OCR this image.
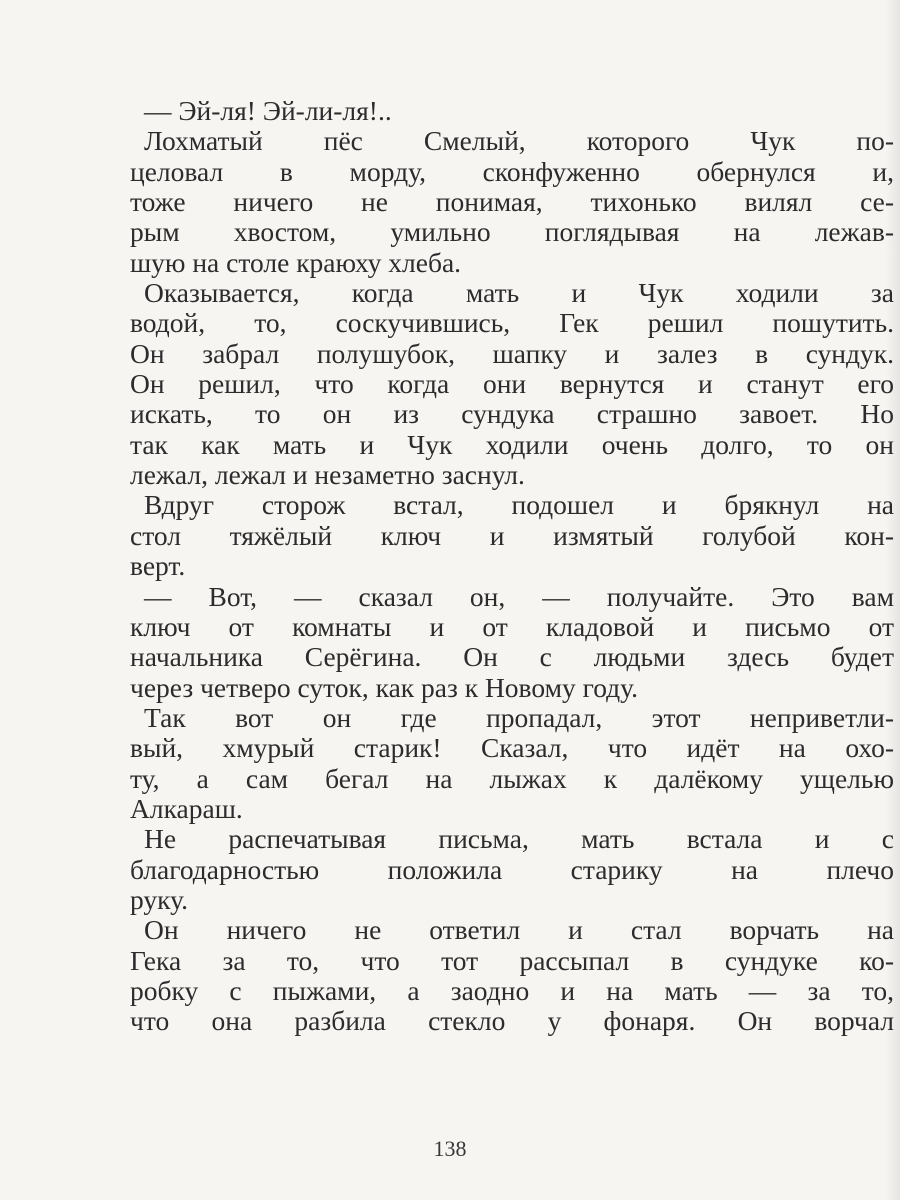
— Эй-ля! Эй-ли-ля!..
Лохматый пёс Смелый, которого Чук по-
целовал в морду, сконфуженно обернулся и,
тоже ничего не понимая, тихонько вилял се-
рым хвостом, умильно поглядывая на лежав-
шую на столе краюху хлеба.
Оказывается, когда мать и Чук ходили за
водой, то, соскучившись, Гек решил пошутить.
Он забрал полушубок, шапку и залез в сундук.
Он решил, что когда они вернутся и станут его
искать, то он из сундука страшно завоет. Но
так как мать и Чук ходили очень долго, то он
лежал, лежал и незаметно заснул.
Вдруг сторож встал, подошел и брякнул на
стол тяжёлый ключ и измятый голубой кон-
верт.
— Вот, — сказал он, — получайте. Это вам
ключ от комнаты и от кладовой и письмо от
начальника Серёгина. Он с людьми здесь будет
через четверо суток, как раз к Новому году.
Так вот он где пропадал, этот неприветли-
вый, хмурый старик! Сказал, что идёт на охо-
ту, а сам бегал на лыжах к далёкому ущелью
Алкараш.
Не распечатывая письма, мать встала и с
благодарностью положила старику на плечо
руку.
Он ничего не ответил и стал ворчать на
Гека за то, что тот рассыпал в сундуке ко-
робку с пыжами, а заодно и на мать — за то,
что она разбила стекло у фонаря. Он ворчал
138
